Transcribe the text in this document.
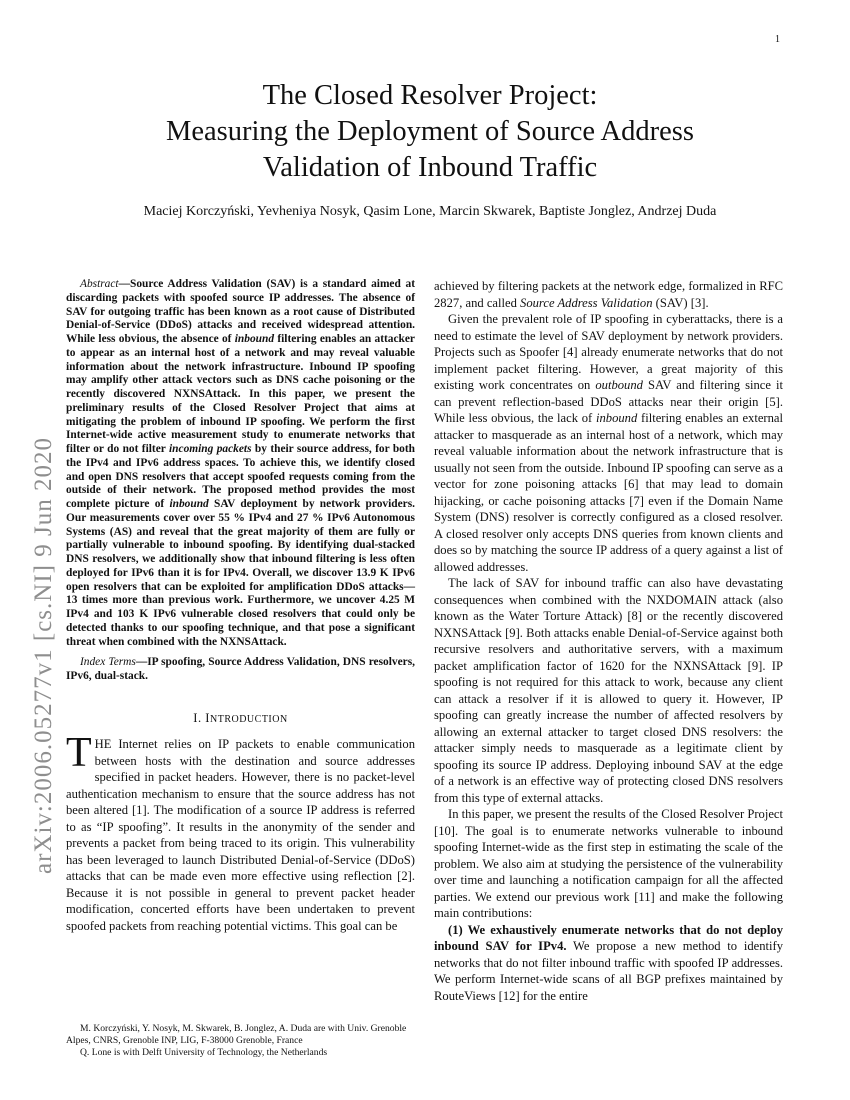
1
arXiv:2006.05277v1 [cs.NI] 9 Jun 2020
The Closed Resolver Project:
Measuring the Deployment of Source Address
Validation of Inbound Traffic
Maciej Korczyński, Yevheniya Nosyk, Qasim Lone, Marcin Skwarek, Baptiste Jonglez, Andrzej Duda

Abstract—Source Address Validation (SAV) is a standard aimed at discarding packets with spoofed source IP addresses. The absence of SAV for outgoing traffic has been known as a root cause of Distributed Denial-of-Service (DDoS) attacks and received widespread attention. While less obvious, the absence of inbound filtering enables an attacker to appear as an internal host of a network and may reveal valuable information about the network infrastructure. Inbound IP spoofing may amplify other attack vectors such as DNS cache poisoning or the recently discovered NXNSAttack. In this paper, we present the preliminary results of the Closed Resolver Project that aims at mitigating the problem of inbound IP spoofing. We perform the first Internet-wide active measurement study to enumerate networks that filter or do not filter incoming packets by their source address, for both the IPv4 and IPv6 address spaces. To achieve this, we identify closed and open DNS resolvers that accept spoofed requests coming from the outside of their network. The proposed method provides the most complete picture of inbound SAV deployment by network providers. Our measurements cover over 55 % IPv4 and 27 % IPv6 Autonomous Systems (AS) and reveal that the great majority of them are fully or partially vulnerable to inbound spoofing. By identifying dual-stacked DNS resolvers, we additionally show that inbound filtering is less often deployed for IPv6 than it is for IPv4. Overall, we discover 13.9 K IPv6 open resolvers that can be exploited for amplification DDoS attacks—13 times more than previous work. Furthermore, we uncover 4.25 M IPv4 and 103 K IPv6 vulnerable closed resolvers that could only be detected thanks to our spoofing technique, and that pose a significant threat when combined with the NXNSAttack.

Index Terms—IP spoofing, Source Address Validation, DNS resolvers, IPv6, dual-stack.

I. INTRODUCTION

THE Internet relies on IP packets to enable communication between hosts with the destination and source addresses specified in packet headers. However, there is no packet-level authentication mechanism to ensure that the source address has not been altered [1]. The modification of a source IP address is referred to as “IP spoofing”. It results in the anonymity of the sender and prevents a packet from being traced to its origin. This vulnerability has been leveraged to launch Distributed Denial-of-Service (DDoS) attacks that can be made even more effective using reflection [2]. Because it is not possible in general to prevent packet header modification, concerted efforts have been undertaken to prevent spoofed packets from reaching potential victims. This goal can be

achieved by filtering packets at the network edge, formalized in RFC 2827, and called Source Address Validation (SAV) [3].

Given the prevalent role of IP spoofing in cyberattacks, there is a need to estimate the level of SAV deployment by network providers. Projects such as Spoofer [4] already enumerate networks that do not implement packet filtering. However, a great majority of this existing work concentrates on outbound SAV and filtering since it can prevent reflection-based DDoS attacks near their origin [5]. While less obvious, the lack of inbound filtering enables an external attacker to masquerade as an internal host of a network, which may reveal valuable information about the network infrastructure that is usually not seen from the outside. Inbound IP spoofing can serve as a vector for zone poisoning attacks [6] that may lead to domain hijacking, or cache poisoning attacks [7] even if the Domain Name System (DNS) resolver is correctly configured as a closed resolver. A closed resolver only accepts DNS queries from known clients and does so by matching the source IP address of a query against a list of allowed addresses.

The lack of SAV for inbound traffic can also have devastating consequences when combined with the NXDOMAIN attack (also known as the Water Torture Attack) [8] or the recently discovered NXNSAttack [9]. Both attacks enable Denial-of-Service against both recursive resolvers and authoritative servers, with a maximum packet amplification factor of 1620 for the NXNSAttack [9]. IP spoofing is not required for this attack to work, because any client can attack a resolver if it is allowed to query it. However, IP spoofing can greatly increase the number of affected resolvers by allowing an external attacker to target closed DNS resolvers: the attacker simply needs to masquerade as a legitimate client by spoofing its source IP address. Deploying inbound SAV at the edge of a network is an effective way of protecting closed DNS resolvers from this type of external attacks.

In this paper, we present the results of the Closed Resolver Project [10]. The goal is to enumerate networks vulnerable to inbound spoofing Internet-wide as the first step in estimating the scale of the problem. We also aim at studying the persistence of the vulnerability over time and launching a notification campaign for all the affected parties. We extend our previous work [11] and make the following main contributions:

(1) We exhaustively enumerate networks that do not deploy inbound SAV for IPv4. We propose a new method to identify networks that do not filter inbound traffic with spoofed IP addresses. We perform Internet-wide scans of all BGP prefixes maintained by RouteViews [12] for the entire

M. Korczyński, Y. Nosyk, M. Skwarek, B. Jonglez, A. Duda are with Univ. Grenoble Alpes, CNRS, Grenoble INP, LIG, F-38000 Grenoble, France

Q. Lone is with Delft University of Technology, the Netherlands
